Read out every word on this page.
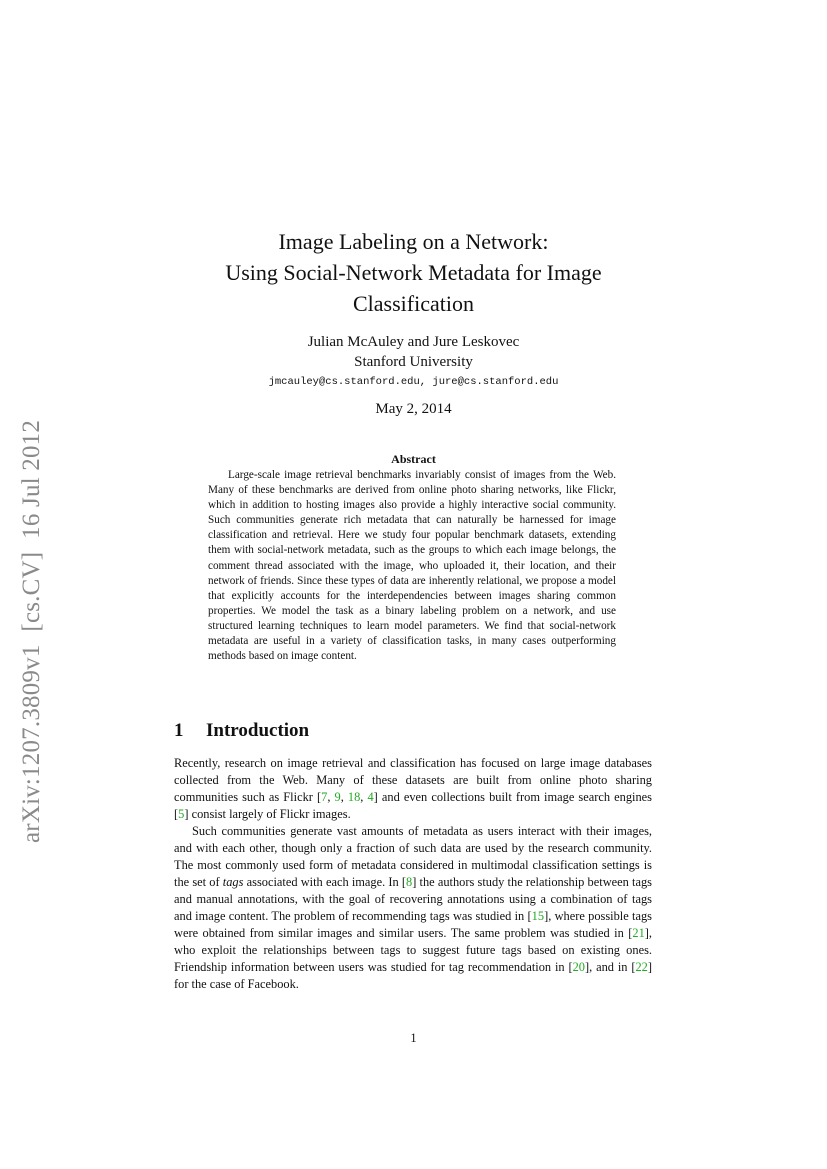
arXiv:1207.3809v1  [cs.CV]  16 Jul 2012
Image Labeling on a Network:
Using Social-Network Metadata for Image
Classification
Julian McAuley and Jure Leskovec
Stanford University
jmcauley@cs.stanford.edu, jure@cs.stanford.edu
May 2, 2014
Abstract
Large-scale image retrieval benchmarks invariably consist of images from the Web. Many of these benchmarks are derived from online photo sharing networks, like Flickr, which in addition to hosting images also provide a highly interactive social community. Such communities generate rich metadata that can naturally be harnessed for image classification and retrieval. Here we study four popular benchmark datasets, extending them with social-network metadata, such as the groups to which each image belongs, the comment thread associated with the image, who uploaded it, their location, and their network of friends. Since these types of data are inherently relational, we propose a model that explicitly accounts for the interdependencies between images sharing common properties. We model the task as a binary labeling problem on a network, and use structured learning techniques to learn model parameters. We find that social-network metadata are useful in a variety of classification tasks, in many cases outperforming methods based on image content.
1 Introduction

Recently, research on image retrieval and classification has focused on large image databases collected from the Web. Many of these datasets are built from online photo sharing communities such as Flickr [7, 9, 18, 4] and even collections built from image search engines [5] consist largely of Flickr images.

Such communities generate vast amounts of metadata as users interact with their images, and with each other, though only a fraction of such data are used by the research community. The most commonly used form of metadata considered in multimodal classification settings is the set of tags associated with each image. In [8] the authors study the relationship between tags and manual annotations, with the goal of recovering annotations using a combination of tags and image content. The problem of recommending tags was studied in [15], where possible tags were obtained from similar images and similar users. The same problem was studied in [21], who exploit the relationships between tags to suggest future tags based on existing ones. Friendship information between users was studied for tag recommendation in [20], and in [22] for the case of Facebook.

1
